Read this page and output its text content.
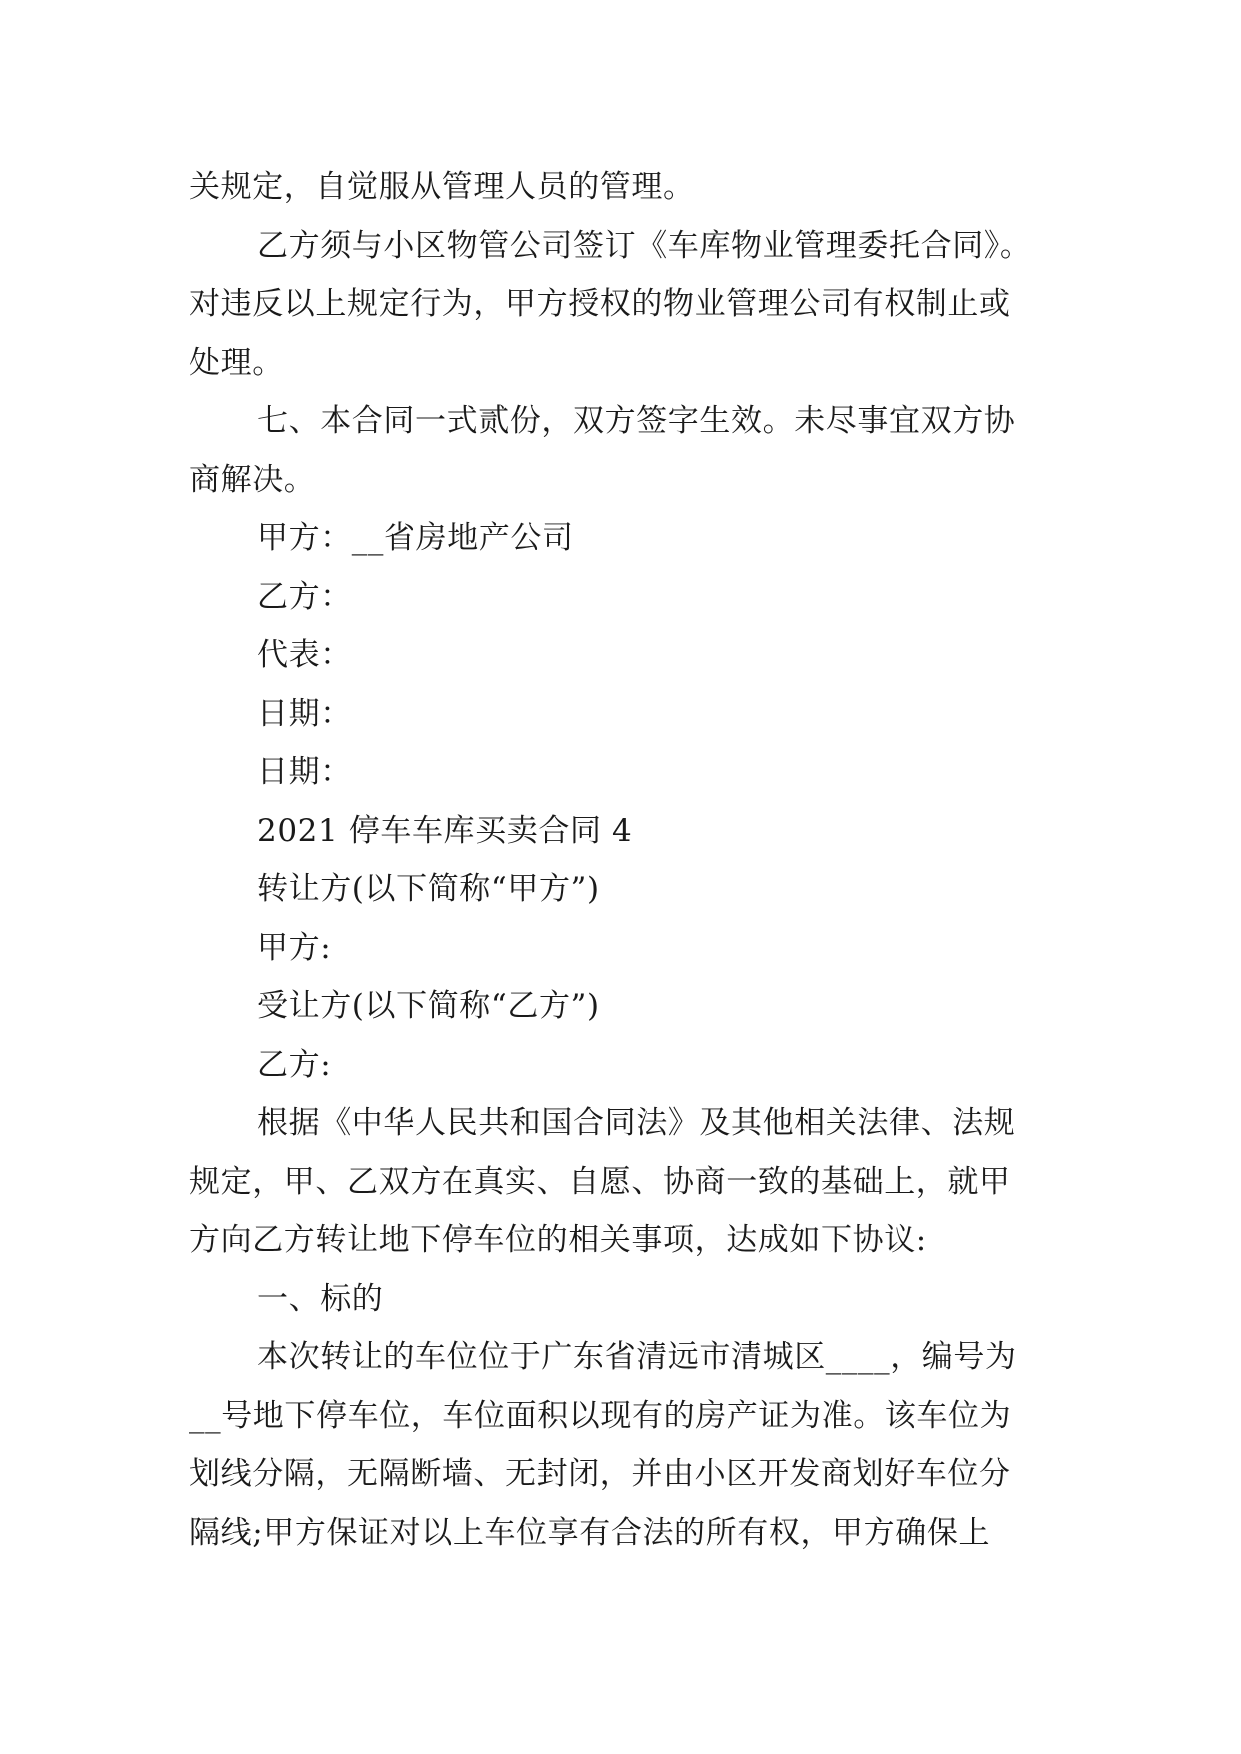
关规定，自觉服从管理人员的管理。
乙方须与小区物管公司签订《车库物业管理委托合同》。
对违反以上规定行为，甲方授权的物业管理公司有权制止或
处理。
七、本合同一式贰份，双方签字生效。未尽事宜双方协
商解决。
甲方：__省房地产公司
乙方：
代表：
日期：
日期：
2021 停车车库买卖合同 4
转让方(以下简称“甲方”)
甲方:
受让方(以下简称“乙方”)
乙方:
根据《中华人民共和国合同法》及其他相关法律、法规
规定，甲、乙双方在真实、自愿、协商一致的基础上，就甲
方向乙方转让地下停车位的相关事项，达成如下协议:
一、标的
本次转让的车位位于广东省清远市清城区____，编号为
__号地下停车位，车位面积以现有的房产证为准。该车位为
划线分隔，无隔断墙、无封闭，并由小区开发商划好车位分
隔线;甲方保证对以上车位享有合法的所有权，甲方确保上
